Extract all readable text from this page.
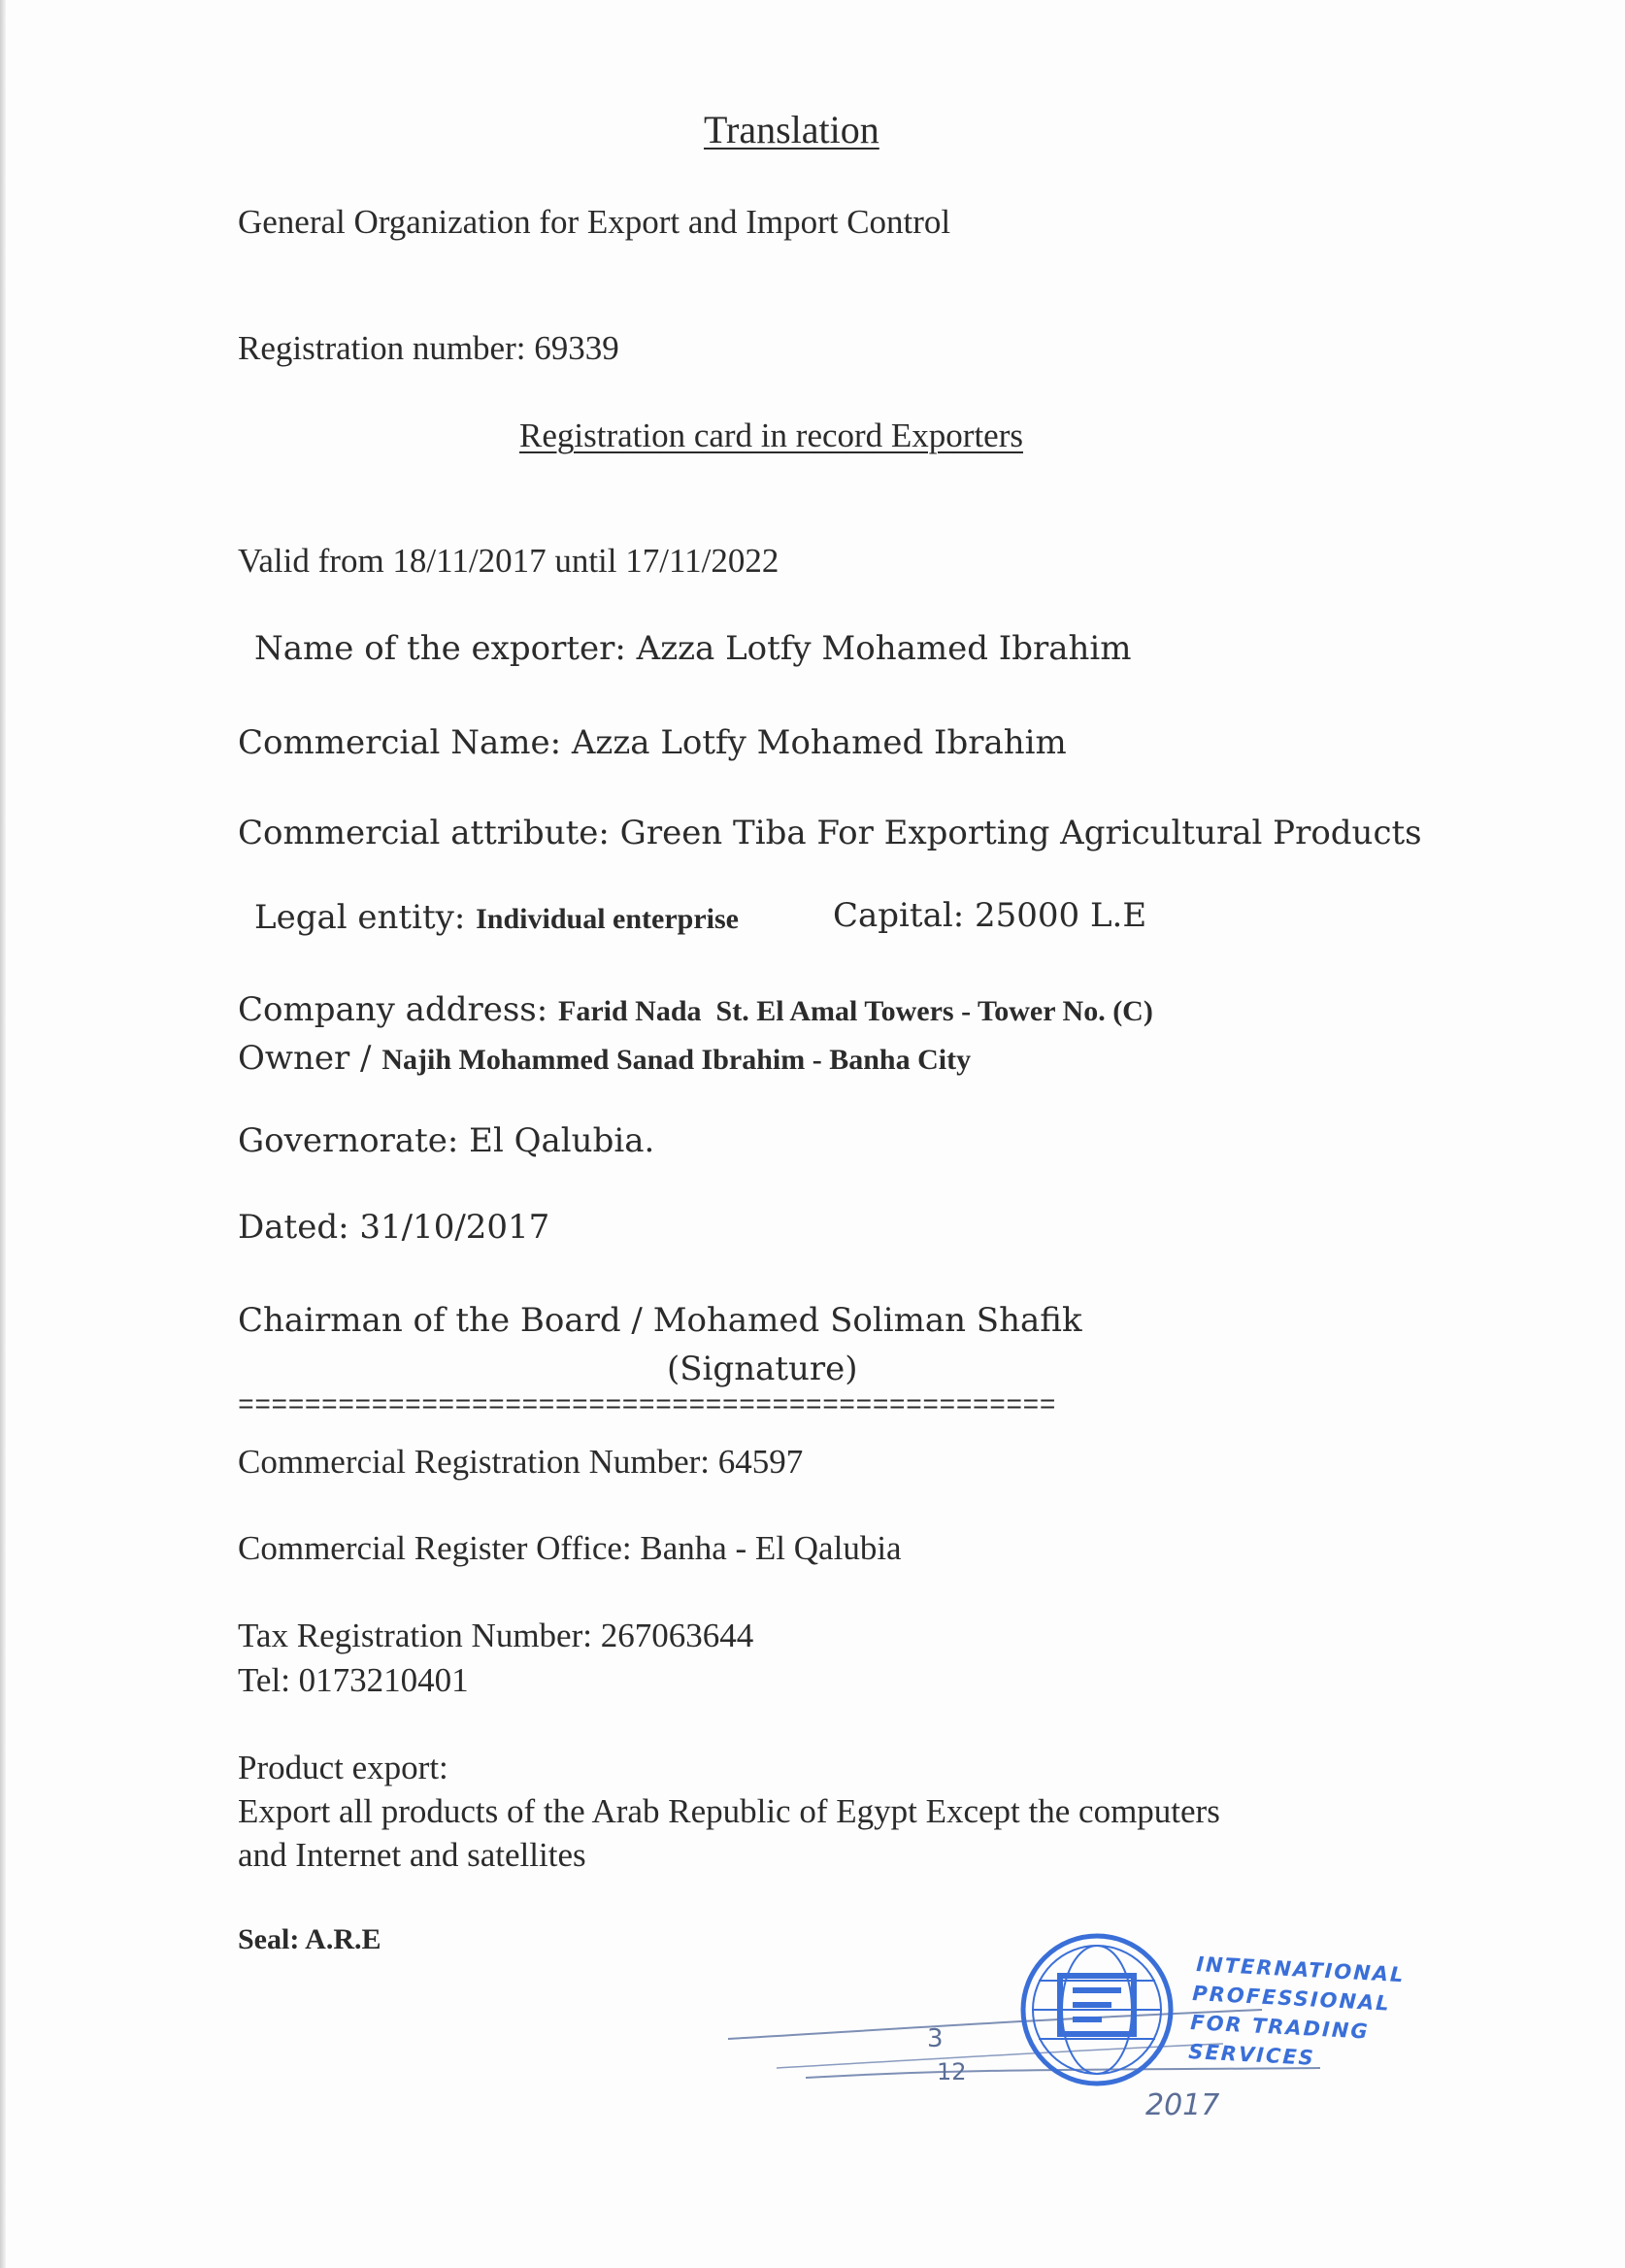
Translation
General Organization for Export and Import Control
Registration number: 69339
Registration card in record Exporters
Valid from 18/11/2017 until 17/11/2022
Name of the exporter: Azza Lotfy Mohamed Ibrahim
Commercial Name: Azza Lotfy Mohamed Ibrahim
Commercial attribute: Green Tiba For Exporting Agricultural Products
Legal entity: Individual enterprise	Capital: 25000 L.E
Company address: Farid Nada  St. El Amal Towers - Tower No. (C)
Owner / Najih Mohammed Sanad Ibrahim - Banha City
Governorate: El Qalubia.
Dated: 31/10/2017
Chairman of the Board / Mohamed Soliman Shafik
(Signature)
=================================================
Commercial Registration Number: 64597
Commercial Register Office: Banha - El Qalubia
Tax Registration Number: 267063644
Tel: 0173210401
Product export:
Export all products of the Arab Republic of Egypt Except the computers
and Internet and satellites
Seal: A.R.E
3
12
2017
INTERNATIONAL
PROFESSIONAL
FOR TRADING
SERVICES
